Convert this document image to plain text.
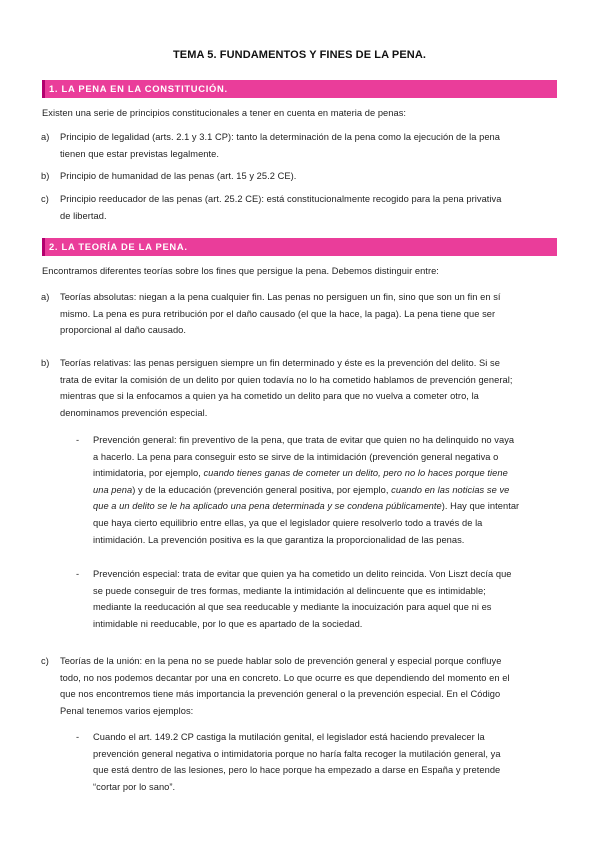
TEMA 5. FUNDAMENTOS Y FINES DE LA PENA.
1. LA PENA EN LA CONSTITUCIÓN.
Existen una serie de principios constitucionales a tener en cuenta en materia de penas:
a) Principio de legalidad (arts. 2.1 y 3.1 CP): tanto la determinación de la pena como la ejecución de la pena
tienen que estar previstas legalmente.
b) Principio de humanidad de las penas (art. 15 y 25.2 CE).
c) Principio reeducador de las penas (art. 25.2 CE): está constitucionalmente recogido para la pena privativa
de libertad.
2. LA TEORÍA DE LA PENA.
Encontramos diferentes teorías sobre los fines que persigue la pena. Debemos distinguir entre:
a) Teorías absolutas: niegan a la pena cualquier fin. Las penas no persiguen un fin, sino que son un fin en sí
mismo. La pena es pura retribución por el daño causado (el que la hace, la paga). La pena tiene que ser
proporcional al daño causado.
b) Teorías relativas: las penas persiguen siempre un fin determinado y éste es la prevención del delito. Si se
trata de evitar la comisión de un delito por quien todavía no lo ha cometido hablamos de prevención general;
mientras que si la enfocamos a quien ya ha cometido un delito para que no vuelva a cometer otro, la
denominamos prevención especial.
- Prevención general: fin preventivo de la pena, que trata de evitar que quien no ha delinquido no vaya
a hacerlo. La pena para conseguir esto se sirve de la intimidación (prevención general negativa o
intimidatoria, por ejemplo, cuando tienes ganas de cometer un delito, pero no lo haces porque tiene
una pena) y de la educación (prevención general positiva, por ejemplo, cuando en las noticias se ve
que a un delito se le ha aplicado una pena determinada y se condena públicamente). Hay que intentar
que haya cierto equilibrio entre ellas, ya que el legislador quiere resolverlo todo a través de la
intimidación. La prevención positiva es la que garantiza la proporcionalidad de las penas.
- Prevención especial: trata de evitar que quien ya ha cometido un delito reincida. Von Liszt decía que
se puede conseguir de tres formas, mediante la intimidación al delincuente que es intimidable;
mediante la reeducación al que sea reeducable y mediante la inocuización para aquel que ni es
intimidable ni reeducable, por lo que es apartado de la sociedad.
c) Teorías de la unión: en la pena no se puede hablar solo de prevención general y especial porque confluye
todo, no nos podemos decantar por una en concreto. Lo que ocurre es que dependiendo del momento en el
que nos encontremos tiene más importancia la prevención general o la prevención especial. En el Código
Penal tenemos varios ejemplos:
- Cuando el art. 149.2 CP castiga la mutilación genital, el legislador está haciendo prevalecer la
prevención general negativa o intimidatoria porque no haría falta recoger la mutilación general, ya
que está dentro de las lesiones, pero lo hace porque ha empezado a darse en España y pretende
“cortar por lo sano”.
